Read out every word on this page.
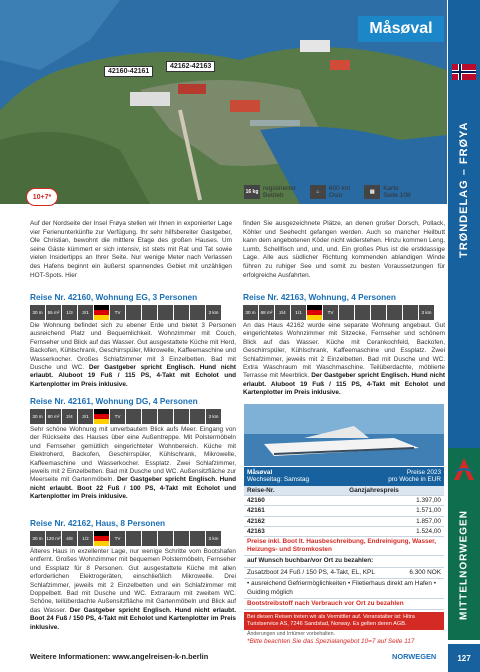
42160-42161
42162-42163
Måsøval
10+7*
16 kg registrierter
Betrieb	⌂	600 km
Oslo	▤	Karte
Seite 108
Auf der Nordseite der Insel Frøya stellen wir Ihnen in exponierter Lage vier Ferienunterkünfte zur Verfügung. Ihr sehr hilfsbereiter Gastgeber, Ole Christian, bewohnt die mittlere Etage des großen Hauses. Um seine Gäste kümmert er sich intensiv, ist stets mit Rat und Tat sowie vielen Insidertipps an Ihrer Seite. Nur wenige Meter nach Verlassen des Hafens beginnt ein äußerst spannendes Gebiet mit unzähligen HOT-Spots. Hier
finden Sie ausgezeichnete Plätze, an denen großer Dorsch, Pollack, Köhler und Seehecht gefangen werden. Auch so mancher Heilbutt kann dem angebotenen Köder nicht widerstehen. Hinzu kommen Leng, Lumb, Schellfisch und, und, und. Ein großes Plus ist die erstklassige Lage. Alle aus südlicher Richtung kommenden ablandigen Winde führen zu ruhiger See und somit zu besten Voraussetzungen für erfolgreiche Ausfahrten.
Reise Nr. 42160, Wohnung EG, 3 Personen
30 m	55 m²	1/3	3/1	TV	3 km
Die Wohnung befindet sich zu ebener Erde und bietet 3 Personen ausreichend Platz und Bequemlichkeit. Wohnzimmer mit Couch, Fernseher und Blick auf das Wasser. Gut ausgestattete Küche mit Herd, Backofen, Kühlschrank, Geschirrspüler, Mikrowelle, Kaffeemaschine und Wasserkocher. Großes Schlafzimmer mit 3 Einzelbetten. Bad mit Dusche und WC. Der Gastgeber spricht Englisch. Hund nicht erlaubt. Aluboot 19 Fuß / 115 PS, 4-Takt mit Echolot und Kartenplotter im Preis inklusive.
Reise Nr. 42161, Wohnung DG, 4 Personen
30 m	80 m²	2/4	3/1	TV	3 km
Sehr schöne Wohnung mit unverbautem Blick aufs Meer. Eingang von der Rückseite des Hauses über eine Außentreppe. Mit Polstermöbeln und Fernseher gemütlich eingerichteter Wohnbereich. Küche mit Elektroherd, Backofen, Geschirrspüler, Kühlschrank, Mikrowelle, Kaffeemaschine und Wasserkocher. Essplatz. Zwei Schlafzimmer, jeweils mit 2 Einzelbetten. Bad mit Dusche und WC. Außensitzfläche zur Meerseite mit Gartenmöbeln. Der Gastgeber spricht Englisch. Hund nicht erlaubt. Boot 22 Fuß / 100 PS, 4-Takt mit Echolot und Kartenplotter im Preis inklusive.
Reise Nr. 42162, Haus, 8 Personen
30 m 120 m²	4/8	1/2	TV	3 km
Älteres Haus in exzellenter Lage, nur wenige Schritte vom Bootshafen entfernt. Großes Wohnzimmer mit bequemen Polstermöbeln, Fernseher und Essplatz für 8 Personen. Gut ausgestattete Küche mit allen erforderlichen Elektrogeräten, einschließlich Mikrowelle. Drei Schlafzimmer, jeweils mit 2 Einzelbetten und ein Schlafzimmer mit Doppelbett. Bad mit Dusche und WC. Extraraum mit zweitem WC. Schöne, teilüberdachte Außensitzfläche mit Gartenmöbeln und Blick auf das Wasser. Der Gastgeber spricht Englisch. Hund nicht erlaubt. Boot 24 Fuß / 150 PS, 4-Takt mit Echolot und Kartenplotter im Preis inklusive.
Reise Nr. 42163, Wohnung, 4 Personen
30 m	68 m²	2/4	1/1	TV	3 km
An das Haus 42162 wurde eine separate Wohnung angebaut. Gut eingerichtetes Wohnzimmer mit Sitzecke, Fernseher und schönem Blick auf das Wasser. Küche mit Cerankochfeld, Backofen, Geschirrspüler, Kühlschrank, Kaffeemaschine und Essplatz. Zwei Schlafzimmer, jeweils mit 2 Einzelbetten. Bad mit Dusche und WC. Extra Waschraum mit Waschmaschine. Teilüberdachte, möblierte Terrasse mit Meerblick. Der Gastgeber spricht Englisch. Hund nicht erlaubt. Aluboot 19 Fuß / 115 PS, 4-Takt mit Echolot und Kartenplotter im Preis inklusive.
Måsøval
Wechseltag: Samstag
Preise 2023
pro Woche in EUR
Reise-Nr.	Ganzjahrespreis
42160	1.397,00
42161	1.571,00
42162	1.857,00
42163	1.524,00
Preise inkl. Boot lt. Hausbeschreibung, Endreinigung, Wasser, Heizungs- und Stromkosten
auf Wunsch buchbar/vor Ort zu bezahlen:
Zusatzboot 24 Fuß / 150 PS, 4-Takt, EL, KPL	6.300 NOK
• ausreichend Gefriermöglichkeiten • Filetierhaus direkt am Hafen • Guiding möglich
Bootstreibstoff nach Verbrauch vor Ort zu bezahlen
Bei diesen Reisen treten wir als Vermittler auf. Veranstalter ist: Hitra Turistservice AS, 7246 Sandstad, Norway. Es gelten deren AGB.
Änderungen und Irrtümer vorbehalten.
*Bitte beachten Sie das Spezialangebot 10=7 auf Seite 117
TRØNDELAG – FRØYA
MITTELNORWEGEN
127
Weitere Informationen: www.angelreisen-k-n.berlin	NORWEGEN
